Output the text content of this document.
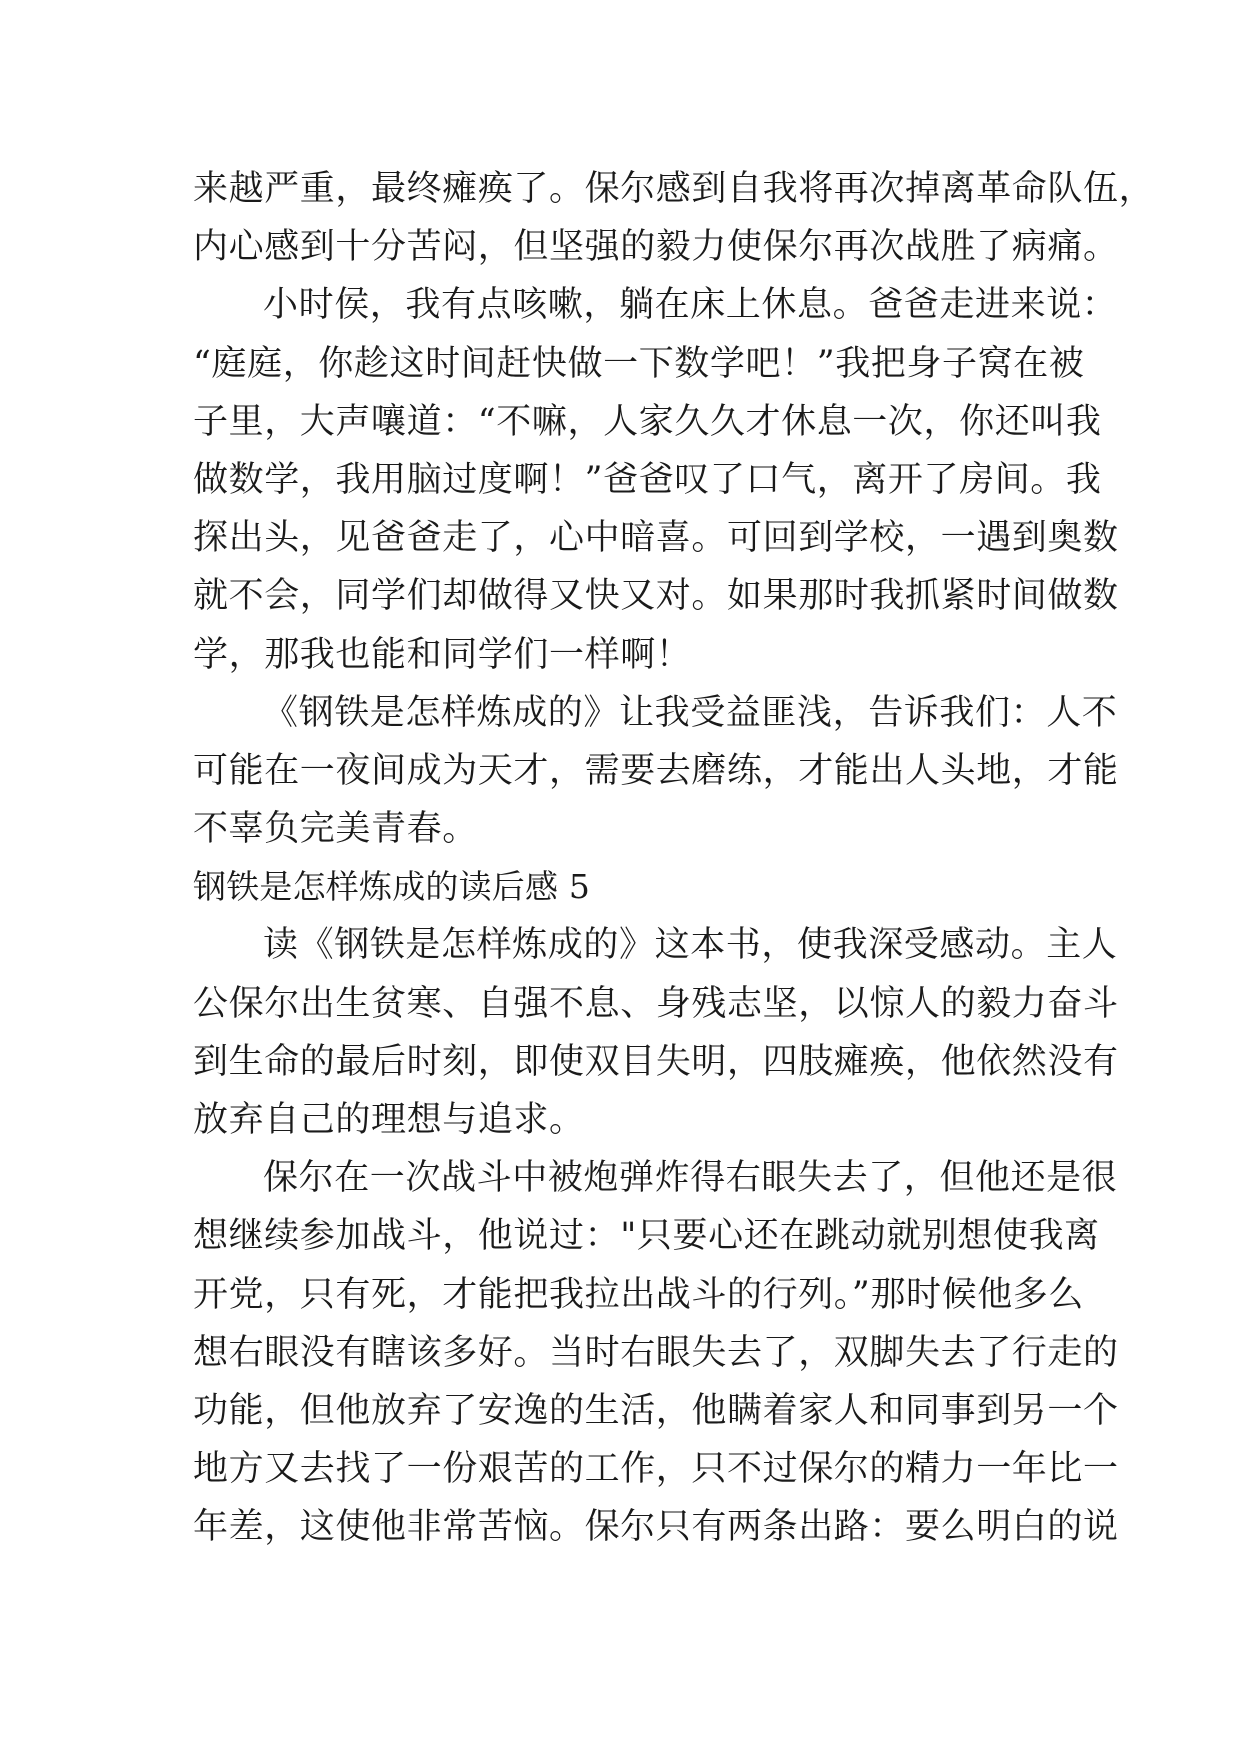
来越严重，最终瘫痪了。保尔感到自我将再次掉离革命队伍，
内心感到十分苦闷，但坚强的毅力使保尔再次战胜了病痛。
小时侯，我有点咳嗽，躺在床上休息。爸爸走进来说：
“庭庭，你趁这时间赶快做一下数学吧！”我把身子窝在被
子里，大声嚷道：“不嘛，人家久久才休息一次，你还叫我
做数学，我用脑过度啊！”爸爸叹了口气，离开了房间。我
探出头，见爸爸走了，心中暗喜。可回到学校，一遇到奥数
就不会，同学们却做得又快又对。如果那时我抓紧时间做数
学，那我也能和同学们一样啊！
《钢铁是怎样炼成的》让我受益匪浅，告诉我们：人不
可能在一夜间成为天才，需要去磨练，才能出人头地，才能
不辜负完美青春。
钢铁是怎样炼成的读后感 5
读《钢铁是怎样炼成的》这本书，使我深受感动。主人
公保尔出生贫寒、自强不息、身残志坚，以惊人的毅力奋斗
到生命的最后时刻，即使双目失明，四肢瘫痪，他依然没有
放弃自己的理想与追求。
保尔在一次战斗中被炮弹炸得右眼失去了，但他还是很
想继续参加战斗，他说过："只要心还在跳动就别想使我离
开党，只有死，才能把我拉出战斗的行列。”那时候他多么
想右眼没有瞎该多好。当时右眼失去了，双脚失去了行走的
功能，但他放弃了安逸的生活，他瞒着家人和同事到另一个
地方又去找了一份艰苦的工作，只不过保尔的精力一年比一
年差，这使他非常苦恼。保尔只有两条出路：要么明白的说
